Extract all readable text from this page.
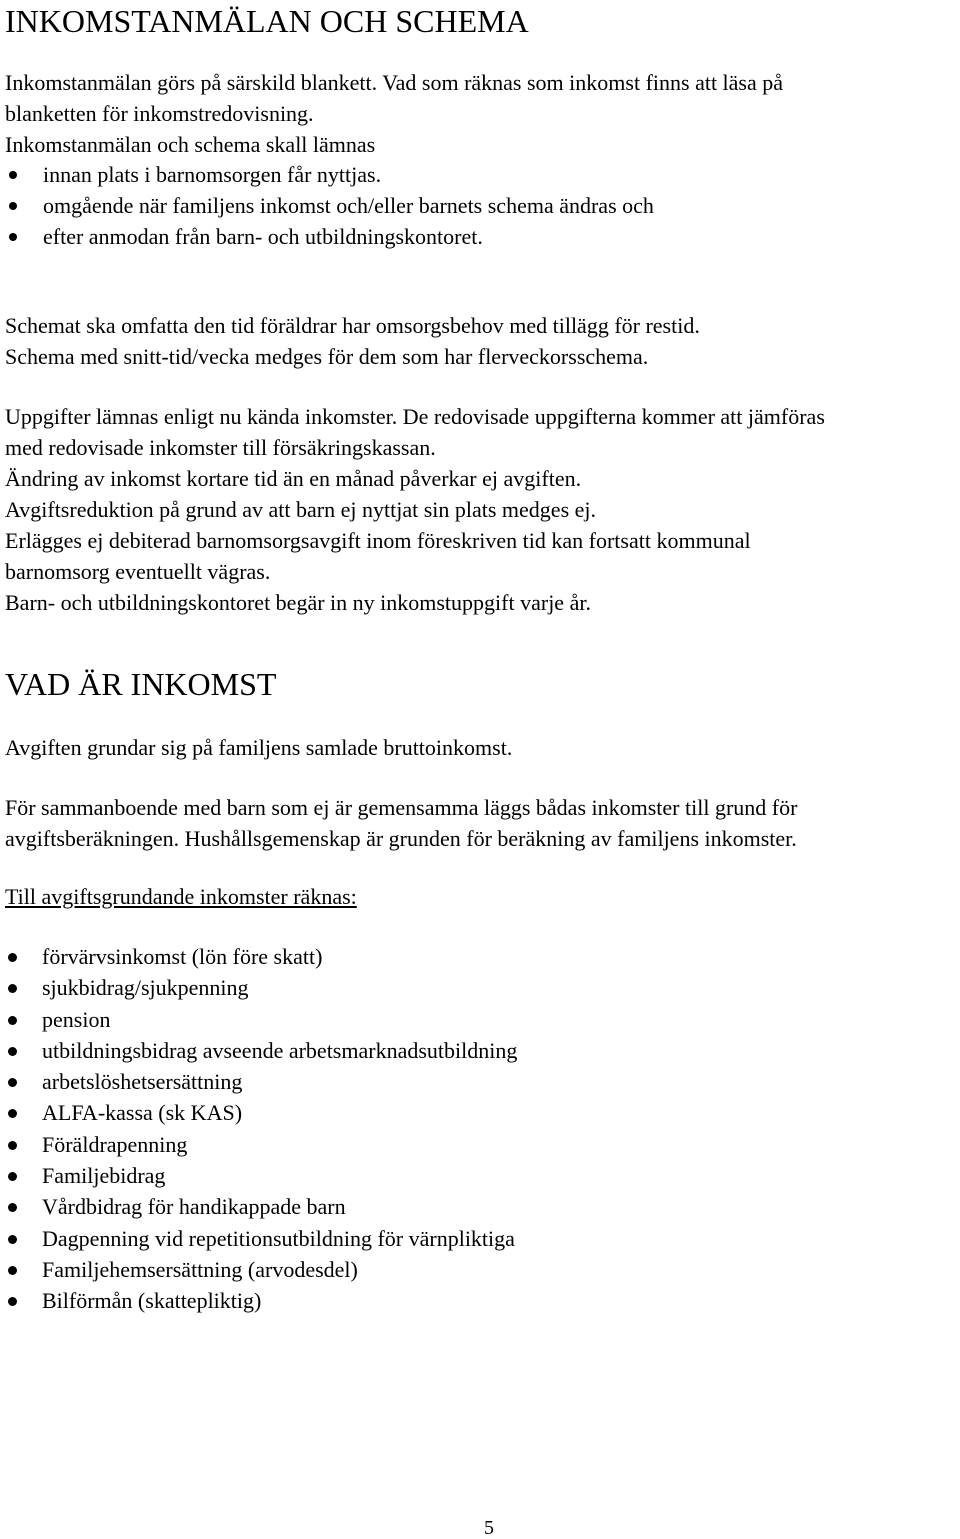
INKOMSTANMÄLAN OCH SCHEMA
Inkomstanmälan görs på särskild blankett. Vad som räknas som inkomst finns att läsa på
blanketten för inkomstredovisning.
Inkomstanmälan och schema skall lämnas
innan plats i barnomsorgen får nyttjas.
omgående när familjens inkomst och/eller barnets schema ändras och
efter anmodan från barn- och utbildningskontoret.
Schemat ska omfatta den tid föräldrar har omsorgsbehov med tillägg för restid.
Schema med snitt-tid/vecka medges för dem som har flerveckorsschema.
Uppgifter lämnas enligt nu kända inkomster. De redovisade uppgifterna kommer att jämföras
med redovisade inkomster till försäkringskassan.
Ändring av inkomst kortare tid än en månad påverkar ej avgiften.
Avgiftsreduktion på grund av att barn ej nyttjat sin plats medges ej.
Erlägges ej debiterad barnomsorgsavgift inom föreskriven tid kan fortsatt kommunal
barnomsorg eventuellt vägras.
Barn- och utbildningskontoret begär in ny inkomstuppgift varje år.
VAD ÄR INKOMST
Avgiften grundar sig på familjens samlade bruttoinkomst.
För sammanboende med barn som ej är gemensamma läggs bådas inkomster till grund för
avgiftsberäkningen. Hushållsgemenskap är grunden för beräkning av familjens inkomster.
Till avgiftsgrundande inkomster räknas:
förvärvsinkomst (lön före skatt)
sjukbidrag/sjukpenning
pension
utbildningsbidrag avseende arbetsmarknadsutbildning
arbetslöshetsersättning
ALFA-kassa (sk KAS)
Föräldrapenning
Familjebidrag
Vårdbidrag för handikappade barn
Dagpenning vid repetitionsutbildning för värnpliktiga
Familjehemsersättning (arvodesdel)
Bilförmån (skattepliktig)
5
